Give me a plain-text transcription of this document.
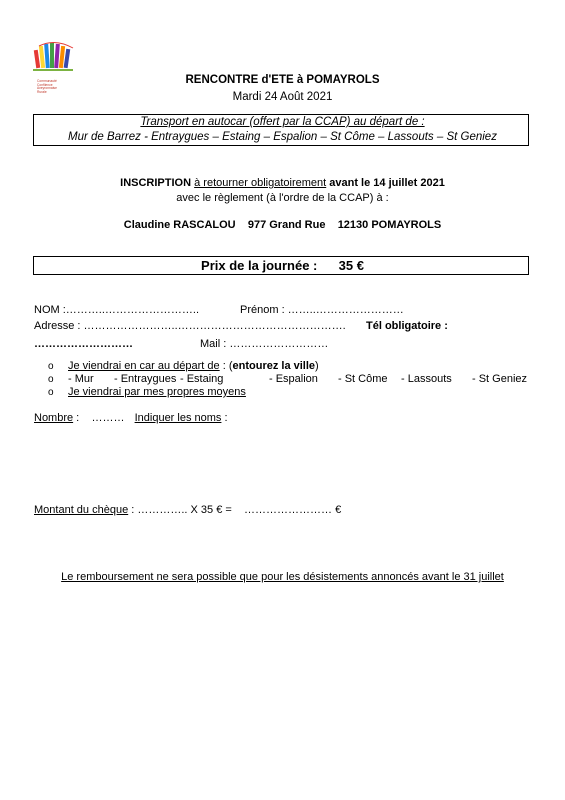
Communauté
Conflience
Aveyronnaise
Rurale
RENCONTRE d'ETE à POMAYROLS
Mardi 24 Août 2021
Transport en autocar (offert par la CCAP) au départ de :
Mur de Barrez - Entraygues – Estaing – Espalion – St Côme – Lassouts – St Geniez
INSCRIPTION à retourner obligatoirement avant le 14 juillet 2021
avec le règlement (à l'ordre de la CCAP) à :
Claudine RASCALOU    977 Grand Rue    12130 POMAYROLS
Prix de la journée : 35 €
NOM :………..……………………..	Prénom : ……..……………………
Adresse : ……………………..………………………………………. Tél obligatoire :
………………………	Mail : ………………………
o Je viendrai en car au départ de : (entourez la ville)
o - Mur - Entraygues - Estaing	- Espalion - St Côme - Lassouts - St Geniez
o Je viendrai par mes propres moyens
Nombre :    ……… Indiquer les noms :
Montant du chèque : ………….. X 35 € =    …………………… €
Le remboursement ne sera possible que pour les désistements annoncés avant le 31 juillet
